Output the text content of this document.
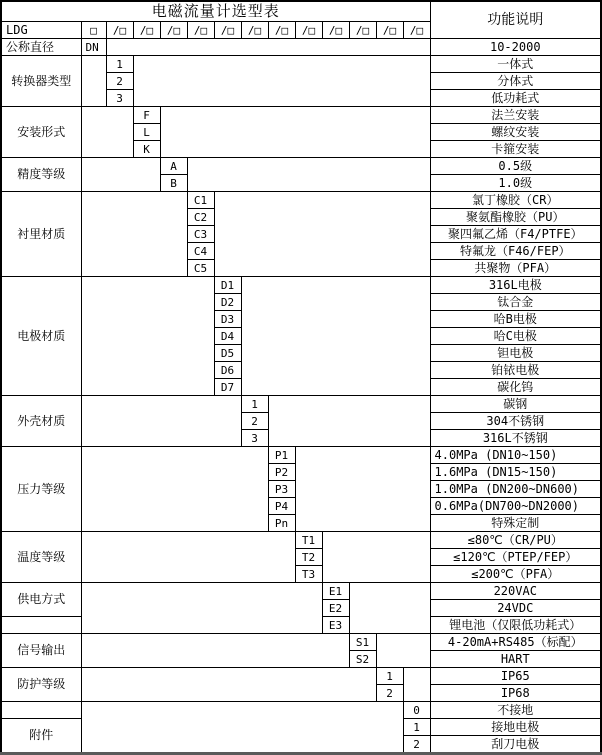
电磁流量计选型表														功能说明
LDG	□	/□	/□	/□	/□	/□	/□	/□	/□	/□	/□	/□	/□	
公称直径	DN													10-2000
转换器类型		1												一体式
		2												分体式
		3												低功耗式
安装形式			F											法兰安装
			L											螺纹安装
			K											卡箍安装
精度等级				A										0.5级
				B										1.0级
衬里材质					C1									氯丁橡胶（CR）
					C2									聚氨酯橡胶（PU）
					C3									聚四氟乙烯（F4/PTFE）
					C4									特氟龙（F46/FEP）
					C5									共聚物（PFA）
电极材质						D1								316L电极
						D2								钛合金
						D3								哈B电极
						D4								哈C电极
						D5								钽电极
						D6								铂铱电极
						D7								碳化钨
外壳材质							1							碳钢
							2							304不锈钢
							3							316L不锈钢
压力等级								P1						4.0MPa (DN10~150)
								P2						1.6MPa (DN15~150)
								P3						1.0MPa (DN200~DN600)
								P4						0.6MPa(DN700~DN2000)
								Pn						特殊定制
温度等级									T1					≤80℃（CR/PU）
									T2					≤120℃（PTEP/FEP）
									T3					≤200℃（PFA）
供电方式										E1				220VAC
										E2				24VDC
										E3				锂电池（仅限低功耗式）
信号输出											S1			4-20mA+RS485（标配）
											S2			HART
防护等级												1		IP65
												2		IP68
													0	不接地
附件													1	接地电极
													2	刮刀电极
